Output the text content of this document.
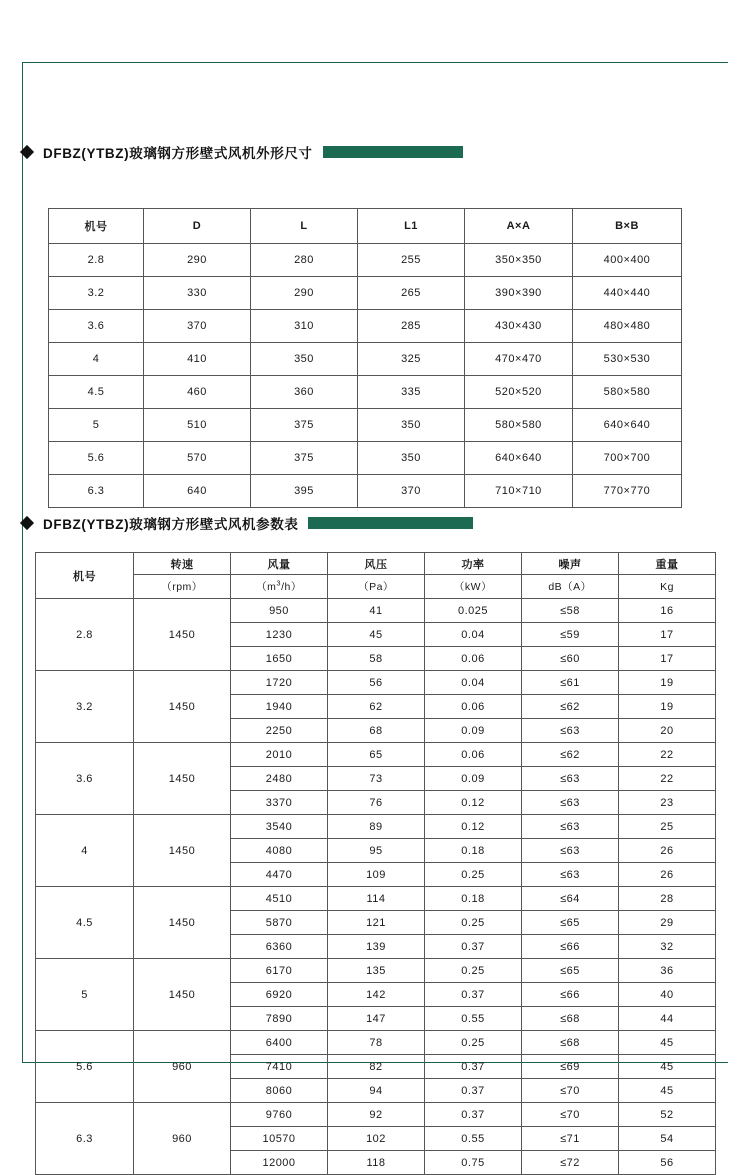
DFBZ(YTBZ)玻璃钢方形壁式风机外形尺寸
机号	D	L	L1	A×A	B×B
2.8	290	280	255	350×350	400×400
3.2	330	290	265	390×390	440×440
3.6	370	310	285	430×430	480×480
4	410	350	325	470×470	530×530
4.5	460	360	335	520×520	580×580
5	510	375	350	580×580	640×640
5.6	570	375	350	640×640	700×700
6.3	640	395	370	710×710	770×770
DFBZ(YTBZ)玻璃钢方形壁式风机参数表
机号	转速	风量	风压	功率	噪声	重量
	（rpm）	$(m^3/h)$	（Pa）	（kW）	dB（A）	Kg
2.8	1450	950	41	0.025	≤58	16
		1230	45	0.04	≤59	17
		1650	58	0.06	≤60	17
3.2	1450	1720	56	0.04	≤61	19
		1940	62	0.06	≤62	19
		2250	68	0.09	≤63	20
3.6	1450	2010	65	0.06	≤62	22
		2480	73	0.09	≤63	22
		3370	76	0.12	≤63	23
4	1450	3540	89	0.12	≤63	25
		4080	95	0.18	≤63	26
		4470	109	0.25	≤63	26
4.5	1450	4510	114	0.18	≤64	28
		5870	121	0.25	≤65	29
		6360	139	0.37	≤66	32
5	1450	6170	135	0.25	≤65	36
		6920	142	0.37	≤66	40
		7890	147	0.55	≤68	44
5.6	960	6400	78	0.25	≤68	45
		7410	82	0.37	≤69	45
		8060	94	0.37	≤70	45
6.3	960	9760	92	0.37	≤70	52
		10570	102	0.55	≤71	54
		12000	118	0.75	≤72	56
